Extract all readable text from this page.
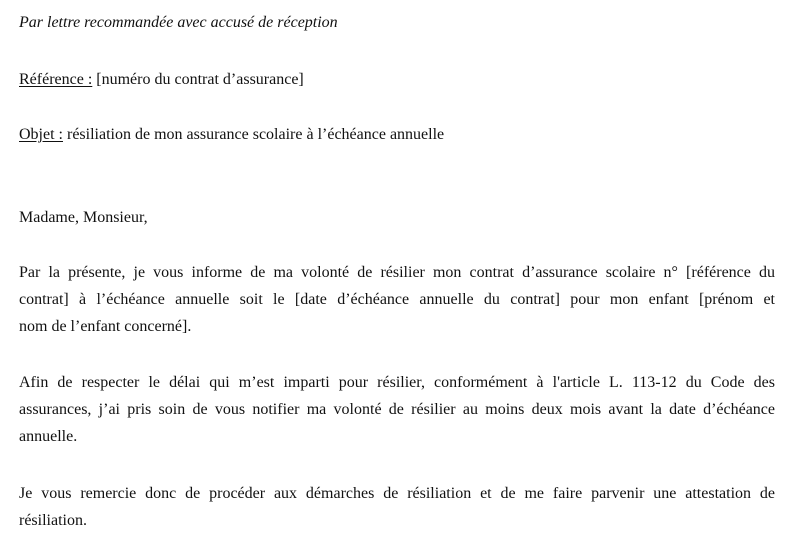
Par lettre recommandée avec accusé de réception
Référence : [numéro du contrat d’assurance]
Objet : résiliation de mon assurance scolaire à l’échéance annuelle
Madame, Monsieur,
Par la présente, je vous informe de ma volonté de résilier mon contrat d’assurance scolaire n° [référence du
contrat] à l’échéance annuelle soit le [date d’échéance annuelle du contrat] pour mon enfant [prénom et
nom de l’enfant concerné].
Afin de respecter le délai qui m’est imparti pour résilier, conformément à l'article L. 113-12 du Code des
assurances, j’ai pris soin de vous notifier ma volonté de résilier au moins deux mois avant la date d’échéance
annuelle.
Je vous remercie donc de procéder aux démarches de résiliation et de me faire parvenir une attestation de
résiliation.
